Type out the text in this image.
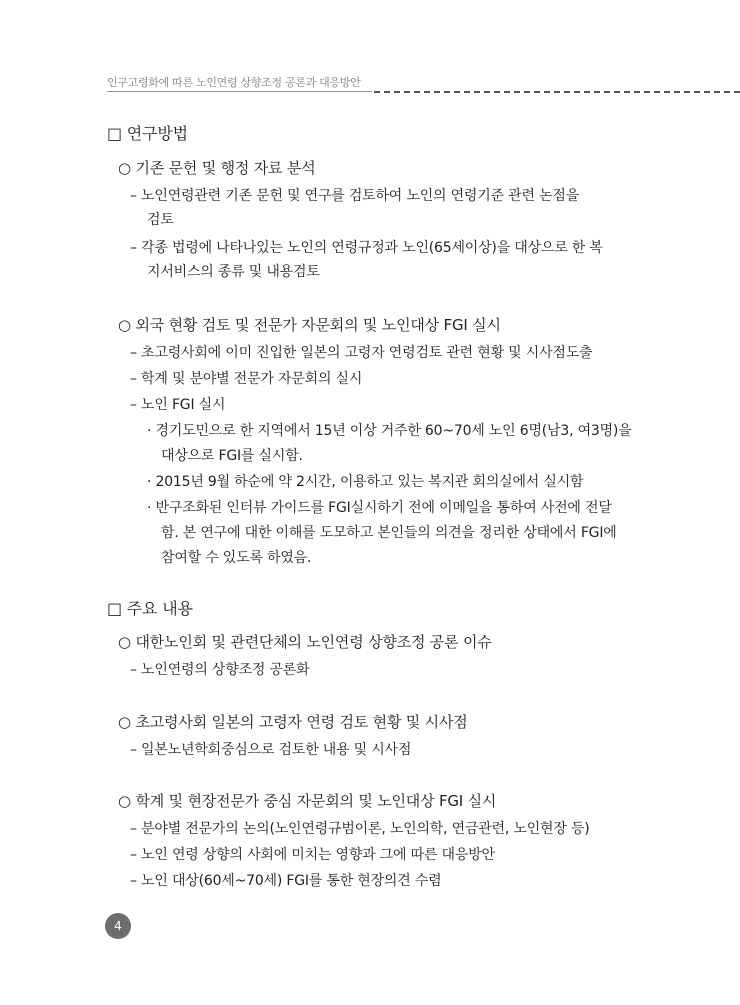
인구고령화에 따른 노인연령 상향조정 공론과 대응방안
□ 연구방법
○ 기존 문헌 및 행정 자료 분석
– 노인연령관련 기존 문헌 및 연구를 검토하여 노인의 연령기준 관련 논점을
검토
– 각종 법령에 나타나있는 노인의 연령규정과 노인(65세이상)을 대상으로 한 복
지서비스의 종류 및 내용검토
○ 외국 현황 검토 및 전문가 자문회의 및 노인대상 FGI 실시
– 초고령사회에 이미 진입한 일본의 고령자 연령검토 관련 현황 및 시사점도출
– 학계 및 분야별 전문가 자문회의 실시
– 노인 FGI 실시
· 경기도민으로 한 지역에서 15년 이상 거주한 60~70세 노인 6명(남3, 여3명)을
대상으로 FGI를 실시함.
· 2015년 9월 하순에 약 2시간, 이용하고 있는 복지관 회의실에서 실시함
· 반구조화된 인터뷰 가이드를 FGI실시하기 전에 이메일을 통하여 사전에 전달
함. 본 연구에 대한 이해를 도모하고 본인들의 의견을 정리한 상태에서 FGI에
참여할 수 있도록 하였음.
□ 주요 내용
○ 대한노인회 및 관련단체의 노인연령 상향조정 공론 이슈
– 노인연령의 상향조정 공론화
○ 초고령사회 일본의 고령자 연령 검토 현황 및 시사점
– 일본노년학회중심으로 검토한 내용 및 시사점
○ 학계 및 현장전문가 중심 자문회의 및 노인대상 FGI 실시
– 분야별 전문가의 논의(노인연령규범이론, 노인의학, 연금관련, 노인현장 등)
– 노인 연령 상향의 사회에 미치는 영향과 그에 따른 대응방안
– 노인 대상(60세~70세) FGI를 통한 현장의견 수렴
4
